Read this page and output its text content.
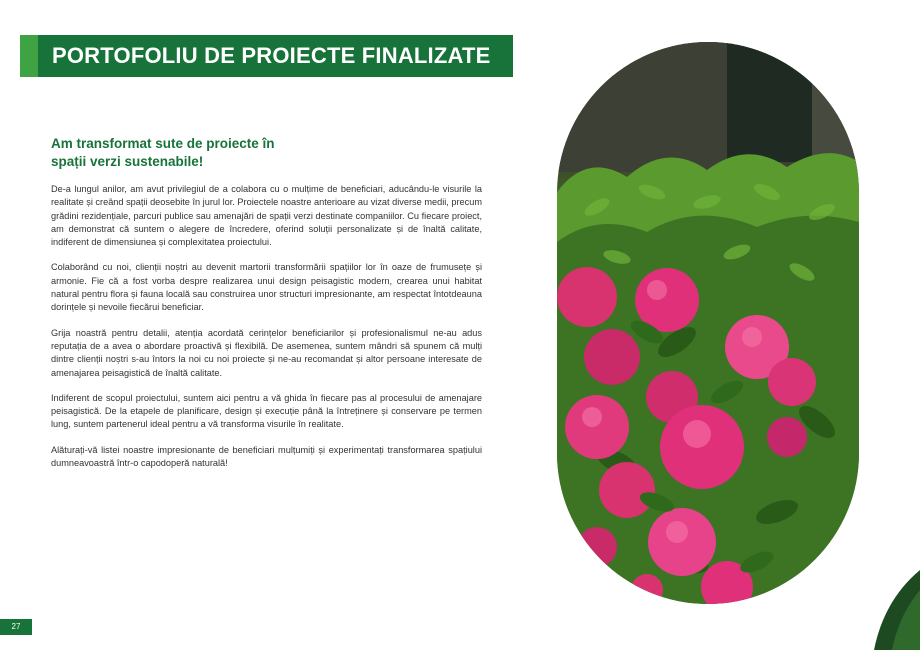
PORTOFOLIU DE PROIECTE FINALIZATE
Am transformat sute de proiecte în
spații verzi sustenabile!

De-a lungul anilor, am avut privilegiul de a colabora cu o mulțime de beneficiari, aducându-le visurile la realitate și creând spații deosebite în jurul lor. Proiectele noastre anterioare au vizat diverse medii, precum grădini rezidențiale, parcuri publice sau amenajări de spații verzi destinate companiilor. Cu fiecare proiect, am demonstrat că suntem o alegere de încredere, oferind soluții personalizate și de înaltă calitate, indiferent de dimensiunea și complexitatea proiectului.

Colaborând cu noi, clienții noștri au devenit martorii transformării spațiilor lor în oaze de frumusețe și armonie. Fie că a fost vorba despre realizarea unui design peisagistic modern, crearea unui habitat natural pentru flora și fauna locală sau construirea unor structuri impresionante, am respectat întotdeauna dorințele și nevoile fiecărui beneficiar.

Grija noastră pentru detalii, atenția acordată cerințelor beneficiarilor și profesionalismul ne-au adus reputația de a avea o abordare proactivă și flexibilă. De asemenea, suntem mândri să spunem că mulți dintre clienții noștri s-au întors la noi cu noi proiecte și ne-au recomandat și altor persoane interesate de amenajarea peisagistică de înaltă calitate.

Indiferent de scopul proiectului, suntem aici pentru a vă ghida în fiecare pas al procesului de amenajare peisagistică. De la etapele de planificare, design și execuție până la întreținere și conservare pe termen lung, suntem partenerul ideal pentru a vă transforma visurile în realitate.

Alăturați-vă listei noastre impresionante de beneficiari mulțumiți și experimentați transformarea spațiului dumneavoastră într-o capodoperă naturală!

27
